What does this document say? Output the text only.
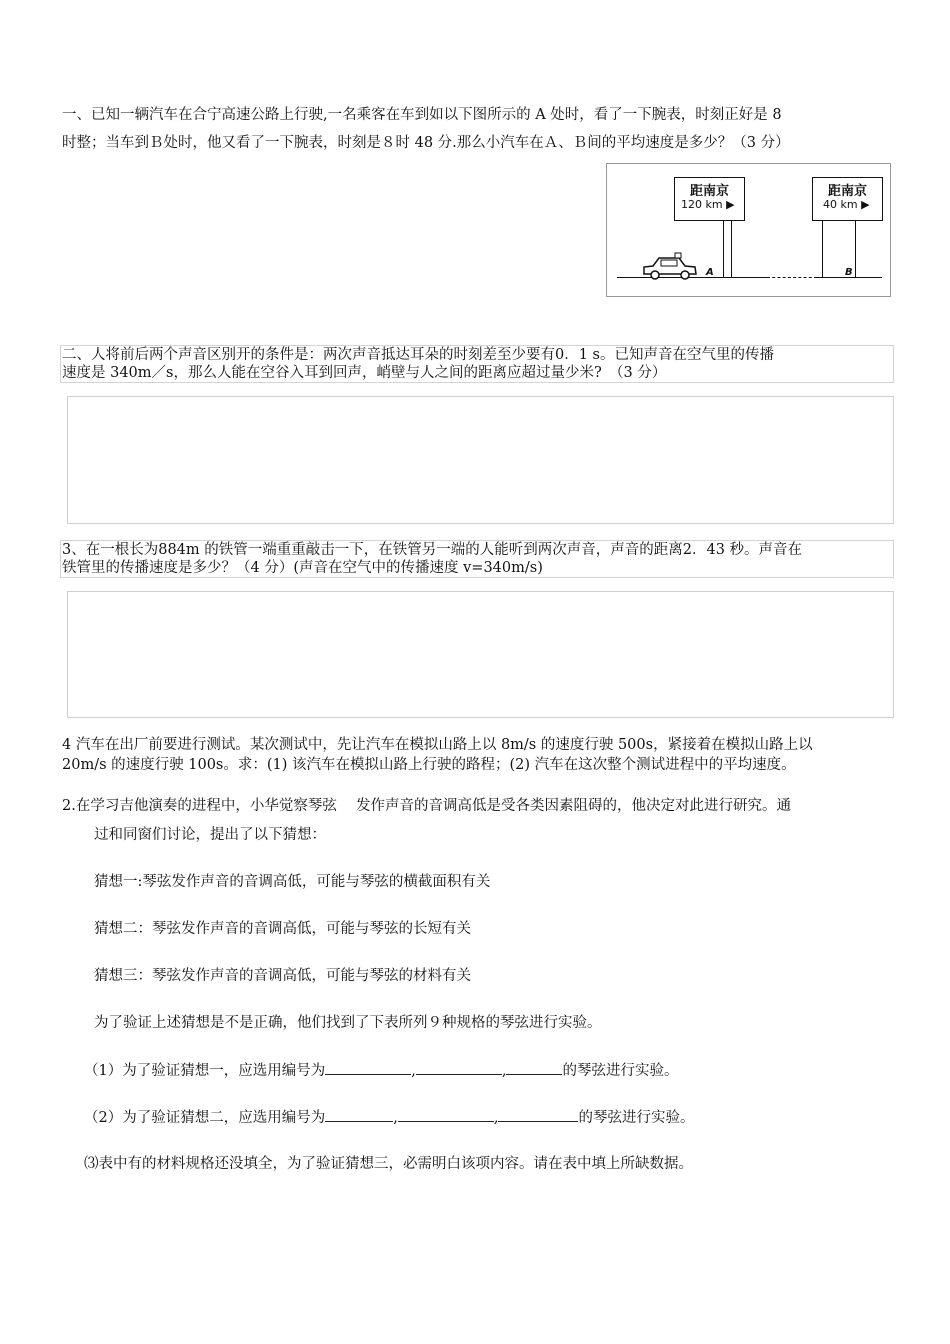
一、已知一辆汽车在合宁高速公路上行驶,一名乘客在车到如以下图所示的 A 处时，看了一下腕表，时刻正好是 8
时整；当车到Ｂ处时，他又看了一下腕表，时刻是８时 48 分.那么小汽车在Ａ、Ｂ间的平均速度是多少？（3 分）
距南京
120 km ▶
距南京
40 km ▶
A	B
二、人将前后两个声音区别开的条件是：两次声音抵达耳朵的时刻差至少要有0．1 s。已知声音在空气里的传播
速度是 340m／s，那么人能在空谷入耳到回声，峭壁与人之间的距离应超过量少米?　（3 分）
3、在一根长为884m 的铁管一端重重敲击一下，在铁管另一端的人能听到两次声音，声音的距离2．43 秒。声音在
铁管里的传播速度是多少？（4 分）(声音在空气中的传播速度 v=340m/s)
4 汽车在出厂前要进行测试。某次测试中，先让汽车在模拟山路上以 8m/s 的速度行驶 500s，紧接着在模拟山路上以
20m/s 的速度行驶 100s。求：(1) 该汽车在模拟山路上行驶的路程；(2) 汽车在这次整个测试进程中的平均速度。
2.在学习吉他演奏的进程中，小华觉察琴弦　 发作声音的音调高低是受各类因素阻碍的，他决定对此进行研究。通
过和同窗们讨论，提出了以下猜想：
猜想一:琴弦发作声音的音调高低，可能与琴弦的横截面积有关
猜想二：琴弦发作声音的音调高低，可能与琴弦的长短有关
猜想三：琴弦发作声音的音调高低，可能与琴弦的材料有关
为了验证上述猜想是不是正确，他们找到了下表所列９种规格的琴弦进行实验。
（1）为了验证猜想一，应选用编号为	,	,	的琴弦进行实验。
（2）为了验证猜想二，应选用编号为	,	,	的琴弦进行实验。
⑶表中有的材料规格还没填全，为了验证猜想三，必需明白该项内容。请在表中填上所缺数据。
